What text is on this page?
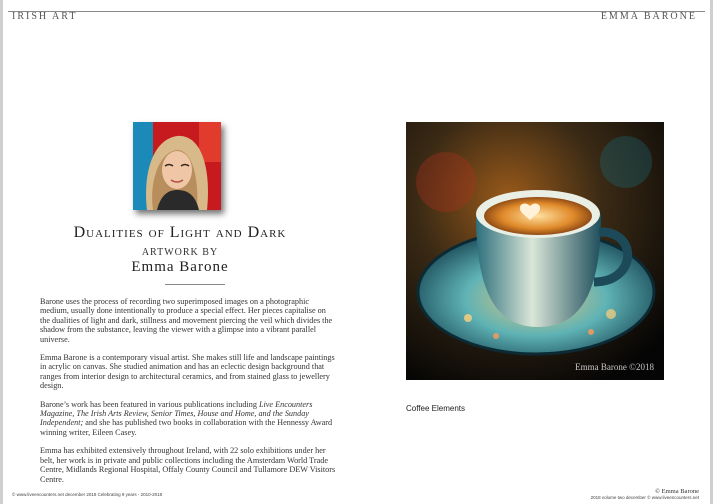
IRISH ART	EMMA BARONE
Dualities of Light and Dark
ARTWORK BY
Emma Barone

Barone uses the process of recording two superimposed images on a photographic medium, usually done intentionally to produce a special effect. Her pieces capitalise on the dualities of light and dark, stillness and movement piercing the veil which divides the shadow from the substance, leaving the viewer with a glimpse into a vibrant parallel universe.

Emma Barone is a contemporary visual artist. She makes still life and landscape paintings in acrylic on canvas. She studied animation and has an eclectic design background that ranges from interior design to architectural ceramics, and from stained glass to jewellery design.

Barone’s work has been featured in various publications including Live Encounters Magazine, The Irish Arts Review, Senior Times, House and Home, and the Sunday Independent; and she has published two books in collaboration with the Hennessy Award winning writer, Eileen Casey.

Emma has exhibited extensively throughout Ireland, with 22 solo exhibitions under her belt, her work is in private and public collections including the Amsterdam World Trade Centre, Midlands Regional Hospital, Offaly County Council and Tullamore DEW Visitors Centre.

Emma Barone ©2018
Coffee Elements
© www.liveencounters.net december 2018 Celebrating 9 years - 2010-2018	© Emma Barone
2018 volume two december © www.liveencounters.net
